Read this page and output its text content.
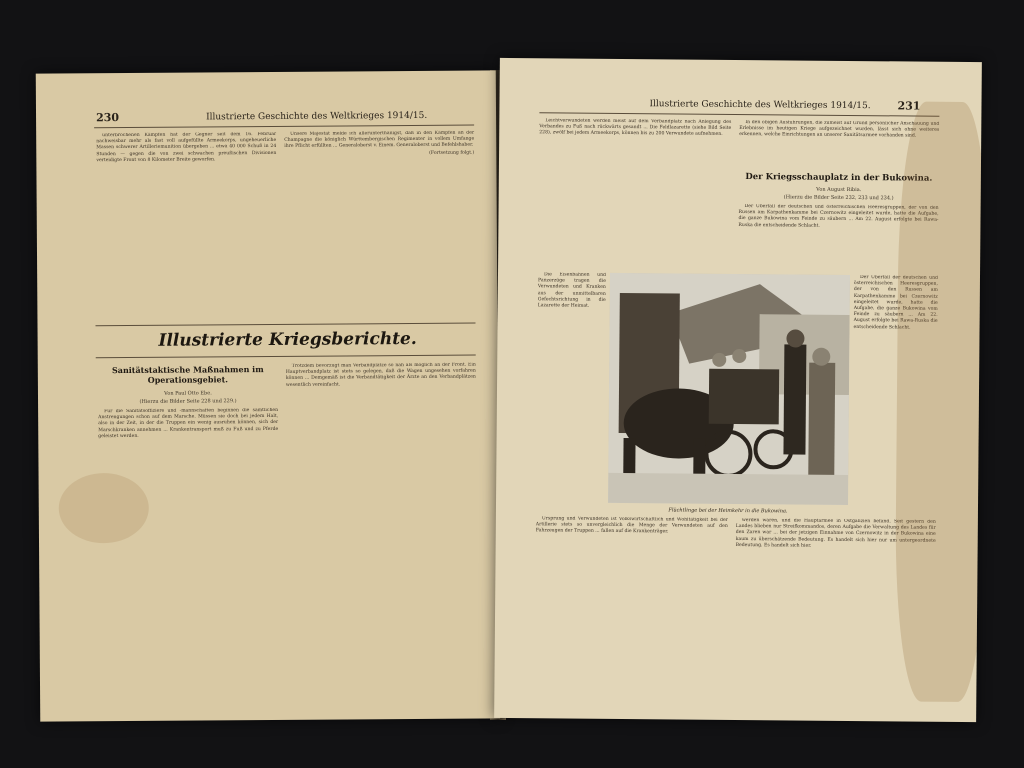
230	Illustrierte Geschichte des Weltkrieges 1914/15.

unterbrochenen Kämpfen hat der Gegner seit dem 16. Februar nachweisbar mehr als fast voll aufgefüllte Armeekorps, ungeheuerliche Massen schwerer Artilleriemunition übergeben ... etwa 40 000 Schuß in 24 Stunden — gegen die von zwei schwachen preußischen Divisionen verteidigte Front von 8 Kilometer Breite geworfen.

Unsere Majestät melde ich allerunterthänigst, daß in den Kämpfen an der Champagne die königlich Württembergischen Regimenter in vollem Umfange ihre Pflicht erfüllten ... Generaloberst v. Einem. Generaloberst und Befehlshaber.

(Fortsetzung folgt.)

Illustrierte Kriegsberichte.
Sanitätstaktische Maßnahmen im Operationsgebiet.
Von Paul Otto Ebe.
(Hierzu die Bilder Seite 228 und 229.)

Für die Sanitätsoffiziere und -mannschaften beginnen die sämtlichen Anstrengungen schon auf dem Marsche. Müssen sie doch bei jedem Halt, also in der Zeit, in der die Truppen ein wenig ausruhen können, sich der Marschkranken annehmen ... Krankentransport muß zu Fuß und zu Pferde geleistet werden.

Trotzdem bevorzugt man Verbandplätze so nah als möglich an der Front. Ein Hauptverbandplatz ist stets so gelegen, daß die Wagen ungesehen vorfahren können ... Demgemäß ist die Verbandtätigkeit der Ärzte an den Verbandplätzen wesentlich vereinfacht.

Illustrierte Geschichte des Weltkrieges 1914/15. 231

Leichtverwundeten werden meist auf dem Verbandplatz nach Anlegung des Verbandes zu Fuß nach rückwärts gesandt ... Die Feldlazarette (siehe Bild Seite 228), zwölf bei jedem Armeekorps, können bis zu 200 Verwundete aufnehmen.

Die Eisenbahnen und Panzerzüge tragen die Verwundeten und Kranken aus der unmittelbaren Gefechtsrichtung in die Lazarette der Heimat.

In den obigen Ausführungen, die zumeist auf Grund persönlicher Anschauung und Erlebnisse im heutigen Kriege aufgezeichnet wurden, lässt sich ohne weiteres erkennen, welche Einrichtungen an unserer Sanitätsarmee vorhanden sind.

Der Kriegsschauplatz in der Bukowina.
Von August Ribia.
(Hierzu die Bilder Seite 232, 233 und 234.)

Der Überfall der deutschen und österreichischen Heeresgruppen, der von den Russen am Karpathenkamme bei Czernowitz eingeleitet wurde, hatte die Aufgabe, die ganze Bukowina vom Feinde zu säubern ... Am 22. August erfolgte bei Rawa-Ruska die entscheidende Schlacht.

Der Überfall der deutschen und österreichischen Heeresgruppen, der von den Russen am Karpathenkamme bei Czernowitz eingeleitet wurde, hatte die Aufgabe, die ganze Bukowina vom Feinde zu säubern ... Am 22. August erfolgte bei Rawa-Ruska die entscheidende Schlacht.

Flüchtlinge bei der Heimkehr in die Bukowina.

Ursprung und Verwundeten ist Volkswirtschaftlich und Wohltätigkeit bei der Artillerie stets so unvergleichlich die Menge der Verwundeten auf den Fahrzeugen der Truppen ... fallen auf die Krankenträger.

werden waren, und die Hauptarmee in Ostgalizien befand. Seit gestern den Landes blieben nur Streifkommandos, deren Aufgabe die Verwaltung des Landes für den Zaren war ... bei der jetzigen Einnahme von Czernowitz in der Bukowina eine kaum zu überschätzende Bedeutung. Es handelt sich hier nur um untergeordnete Bedeutung. Es handelt sich hier.
